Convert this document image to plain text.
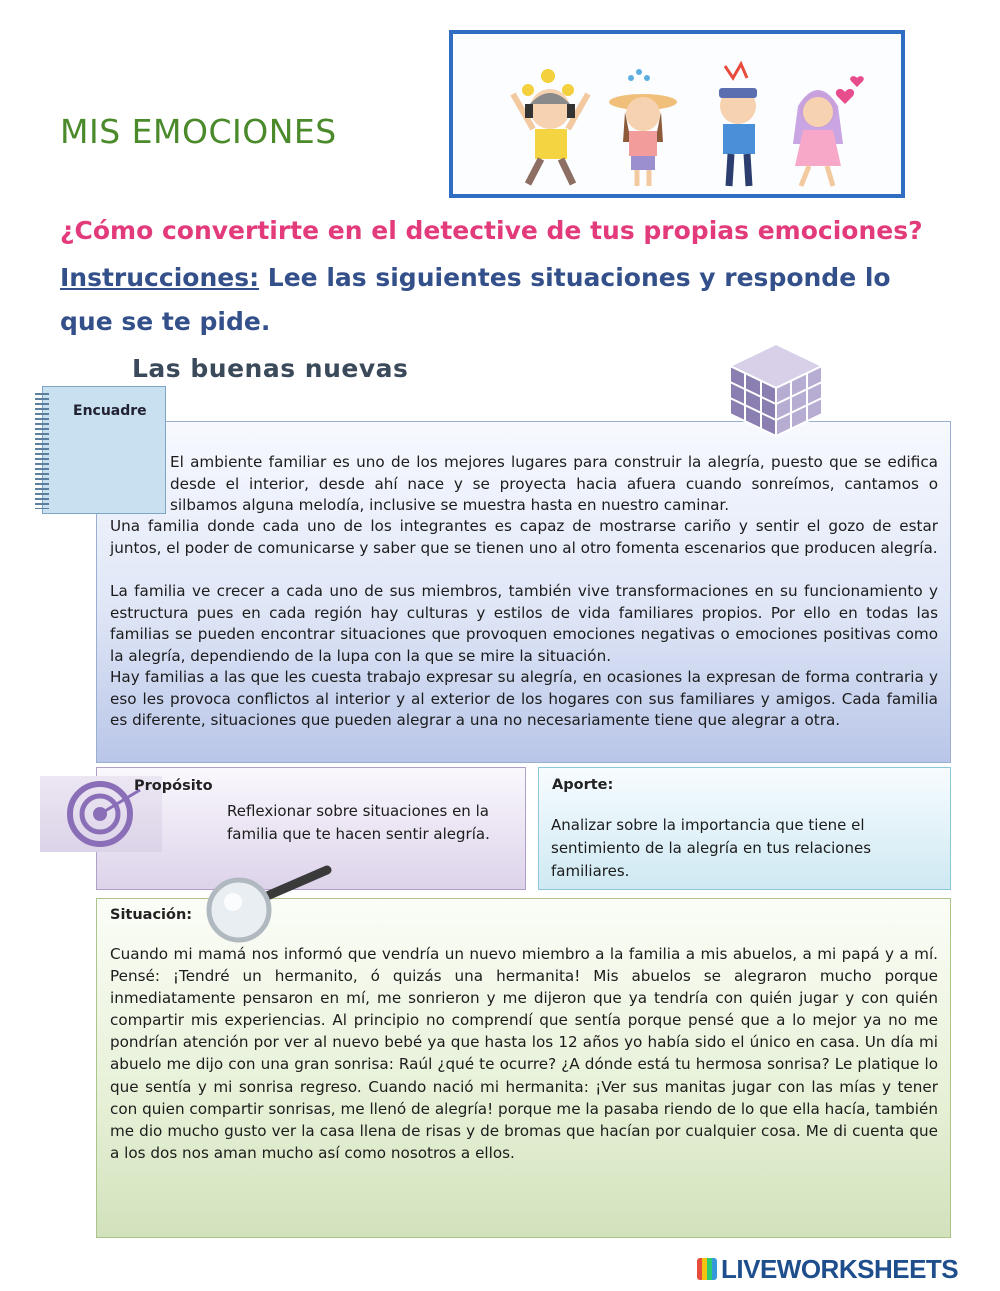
MIS EMOCIONES
¿Cómo convertirte en el detective de tus propias emociones?
Instrucciones: Lee las siguientes situaciones y responde lo que se te pide.
Las buenas nuevas
Encuadre
El ambiente familiar es uno de los mejores lugares para construir la alegría, puesto que se edifica desde el interior, desde ahí nace y se proyecta hacia afuera cuando sonreímos, cantamos o silbamos alguna melodía, inclusive se muestra hasta en nuestro caminar.
Una familia donde cada uno de los integrantes es capaz de mostrarse cariño y sentir el gozo de estar juntos, el poder de comunicarse y saber que se tienen uno al otro fomenta escenarios que producen alegría.
La familia ve crecer a cada uno de sus miembros, también vive transformaciones en su funcionamiento y estructura pues en cada región hay culturas y estilos de vida familiares propios. Por ello en todas las familias se pueden encontrar situaciones que provoquen emociones negativas o emociones positivas como la alegría, dependiendo de la lupa con la que se mire la situación.
Hay familias a las que les cuesta trabajo expresar su alegría, en ocasiones la expresan de forma contraria y eso les provoca conflictos al interior y al exterior de los hogares con sus familiares y amigos. Cada familia es diferente, situaciones que pueden alegrar a una no necesariamente tiene que alegrar a otra.
Propósito
Reflexionar sobre situaciones en la familia que te hacen sentir alegría.
Aporte:
Analizar sobre la importancia que tiene el sentimiento de la alegría en tus relaciones familiares.
Situación:
Cuando mi mamá nos informó que vendría un nuevo miembro a la familia a mis abuelos, a mi papá y a mí. Pensé: ¡Tendré un hermanito, ó quizás una hermanita! Mis abuelos se alegraron mucho porque inmediatamente pensaron en mí, me sonrieron y me dijeron que ya tendría con quién jugar y con quién compartir mis experiencias. Al principio no comprendí que sentía porque pensé que a lo mejor ya no me pondrían atención por ver al nuevo bebé ya que hasta los 12 años yo había sido el único en casa. Un día mi abuelo me dijo con una gran sonrisa: Raúl ¿qué te ocurre? ¿A dónde está tu hermosa sonrisa? Le platique lo que sentía y mi sonrisa regreso. Cuando nació mi hermanita: ¡Ver sus manitas jugar con las mías y tener con quien compartir sonrisas, me llenó de alegría! porque me la pasaba riendo de lo que ella hacía, también me dio mucho gusto ver la casa llena de risas y de bromas que hacían por cualquier cosa. Me di cuenta que a los dos nos aman mucho así como nosotros a ellos.
LIVEWORKSHEETS
